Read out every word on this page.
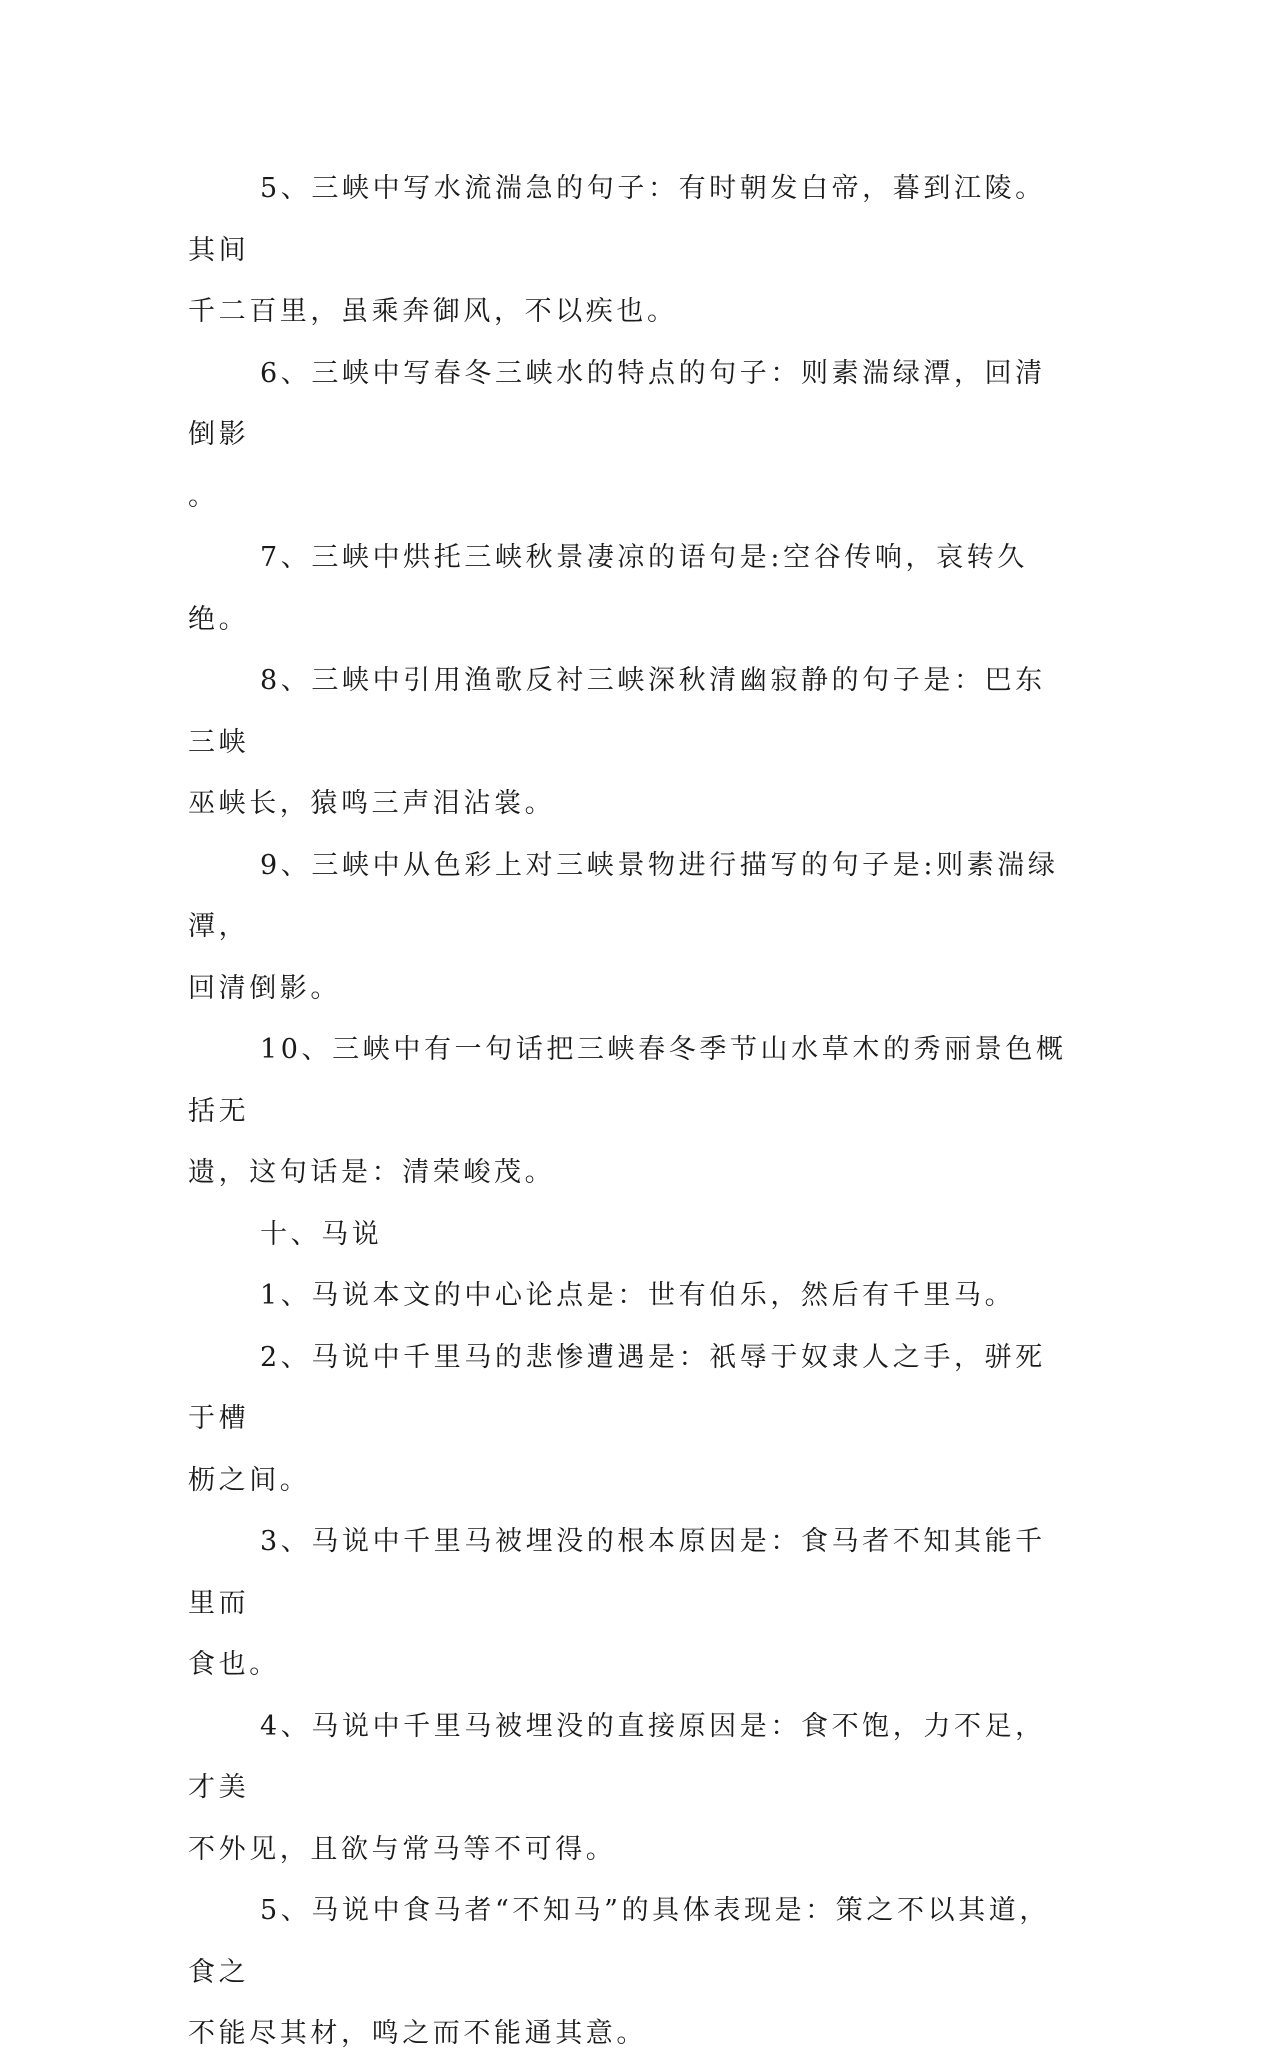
5、三峡中写水流湍急的句子：有时朝发白帝，暮到江陵。其间
千二百里，虽乘奔御风，不以疾也。

6、三峡中写春冬三峡水的特点的句子：则素湍绿潭，回清倒影
。

7、三峡中烘托三峡秋景凄凉的语句是:空谷传响，哀转久绝。

8、三峡中引用渔歌反衬三峡深秋清幽寂静的句子是：巴东三峡
巫峡长，猿鸣三声泪沾裳。

9、三峡中从色彩上对三峡景物进行描写的句子是:则素湍绿潭，
回清倒影。

10、三峡中有一句话把三峡春冬季节山水草木的秀丽景色概括无
遗，这句话是：清荣峻茂。

十、马说

1、马说本文的中心论点是：世有伯乐，然后有千里马。

2、马说中千里马的悲惨遭遇是：祇辱于奴隶人之手，骈死于槽
枥之间。

3、马说中千里马被埋没的根本原因是：食马者不知其能千里而
食也。

4、马说中千里马被埋没的直接原因是：食不饱，力不足，才美
不外见，且欲与常马等不可得。

5、马说中食马者“不知马”的具体表现是：策之不以其道，食之
不能尽其材，鸣之而不能通其意。
